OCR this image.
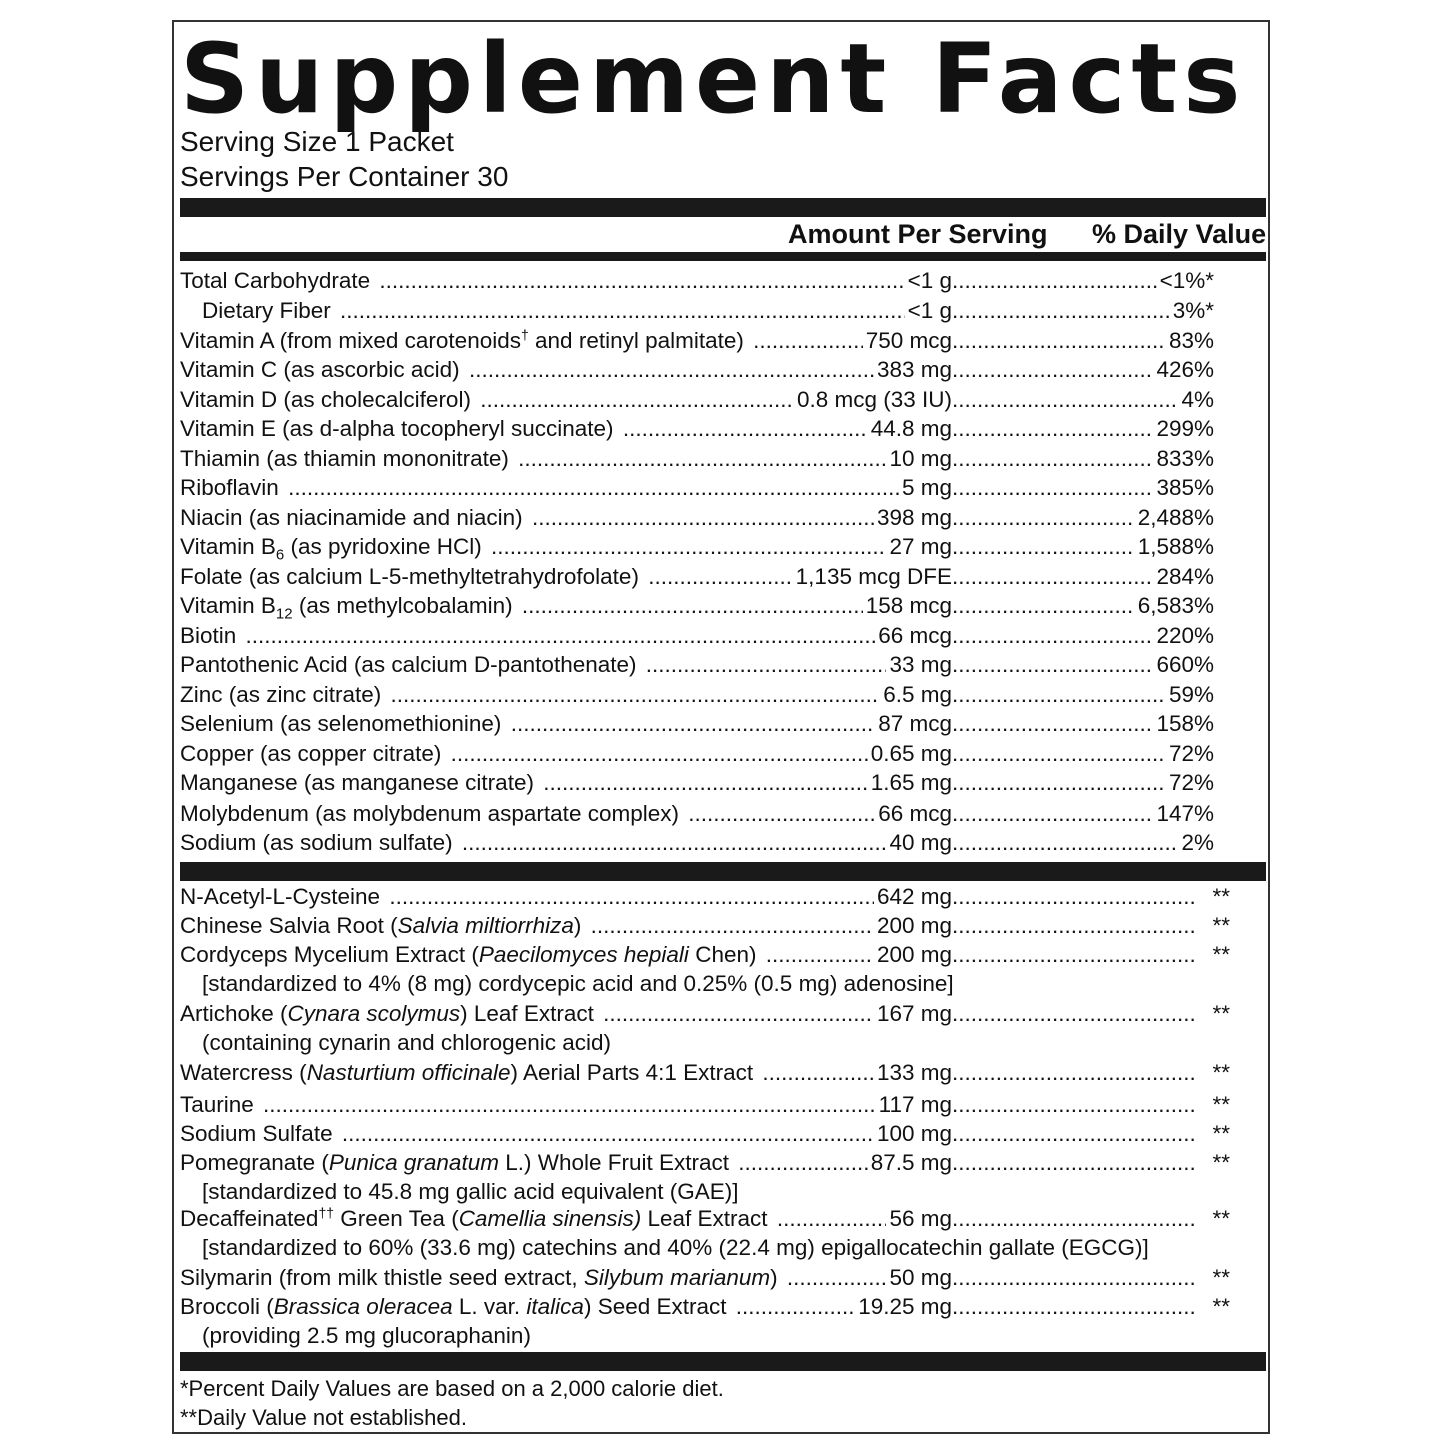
Supplement Facts
Serving Size 1 Packet
Servings Per Container 30
Amount Per Serving % Daily Value
Total Carbohydrate .....	<1 g .....	<1%*
Dietary Fiber .....	<1 g .....	3%*
Vitamin A (from mixed carotenoids† and retinyl palmitate) .....	750 mcg .....	83%
Vitamin C (as ascorbic acid) .....	383 mg .....	426%
Vitamin D (as cholecalciferol) .....	0.8 mcg (33 IU) .....	4%
Vitamin E (as d-alpha tocopheryl succinate) .....	44.8 mg .....	299%
Thiamin (as thiamin mononitrate) .....	10 mg .....	833%
Riboflavin .....	5 mg .....	385%
Niacin (as niacinamide and niacin) .....	398 mg .....	2,488%
Vitamin $B_6$ (as pyridoxine HCl) .....	27 mg .....	1,588%
Folate (as calcium L-5-methyltetrahydrofolate) .....	1,135 mcg DFE .....	284%
Vitamin $B_{12}$ (as methylcobalamin) .....	158 mcg .....	6,583%
Biotin .....	66 mcg .....	220%
Pantothenic Acid (as calcium D-pantothenate) .....	33 mg .....	660%
Zinc (as zinc citrate) .....	6.5 mg .....	59%
Selenium (as selenomethionine) .....	87 mcg .....	158%
Copper (as copper citrate) .....	0.65 mg .....	72%
Manganese (as manganese citrate) .....	1.65 mg .....	72%
Molybdenum (as molybdenum aspartate complex) .....	66 mcg .....	147%
Sodium (as sodium sulfate) .....	40 mg .....	2%
N-Acetyl-L-Cysteine .....	642 mg .....	**
Chinese Salvia Root (Salvia miltiorrhiza) .....	200 mg .....	**
Cordyceps Mycelium Extract (Paecilomyces hepiali Chen) .....	200 mg .....	**
[standardized to 4% (8 mg) cordycepic acid and 0.25% (0.5 mg) adenosine]
Artichoke (Cynara scolymus) Leaf Extract .....	167 mg .....	**
(containing cynarin and chlorogenic acid)
Watercress (Nasturtium officinale) Aerial Parts 4:1 Extract .....	133 mg .....	**
Taurine .....	117 mg .....	**
Sodium Sulfate .....	100 mg .....	**
Pomegranate (Punica granatum L.) Whole Fruit Extract .....	87.5 mg .....	**
[standardized to 45.8 mg gallic acid equivalent (GAE)]
Decaffeinated†† Green Tea (Camellia sinensis) Leaf Extract .....	56 mg .....	**
[standardized to 60% (33.6 mg) catechins and 40% (22.4 mg) epigallocatechin gallate (EGCG)]
Silymarin (from milk thistle seed extract, Silybum marianum) .....	50 mg .....	**
Broccoli (Brassica oleracea L. var. italica) Seed Extract .....	19.25 mg .....	**
(providing 2.5 mg glucoraphanin)
*Percent Daily Values are based on a 2,000 calorie diet.
**Daily Value not established.
